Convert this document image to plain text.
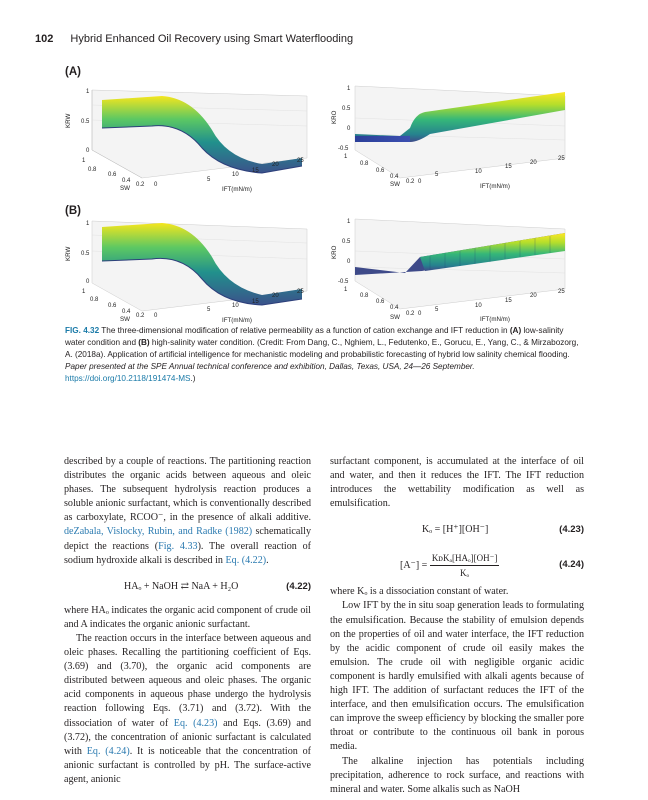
102 Hybrid Enhanced Oil Recovery using Smart Waterflooding
(A)
(B)
1
0.5
0
1
0.8
0.6
0.4
0.2 0
5
10
15
20
25
SW	IFT(mN/m)
KRW
1
0.5
0
-0.5
1
0.8
0.6
0.4
0.2 0
5	10
15
20
25
SW	IFT(mN/m)
KRO
1
0.5
0
1
0.8
0.6
0.4
0.2 0
5
10
15
20
25
SW	IFT(mN/m)
KRW
1
0.5
0
-0.5
1
0.8
0.6
0.4
0.2 0
5
10
15
20
25
SW	IFT(mN/m)
KRO
FIG. 4.32 The three-dimensional modification of relative permeability as a function of cation exchange and IFT reduction in (A) low-salinity water condition and (B) high-salinity water condition. (Credit: From Dang, C., Nghiem, L., Fedutenko, E., Gorucu, E., Yang, C., & Mirzabozorg, A. (2018a). Application of artificial intelligence for mechanistic modeling and probabilistic forecasting of hybrid low salinity chemical flooding. Paper presented at the SPE Annual technical conference and exhibition, Dallas, Texas, USA, 24—26 September.
https://doi.org/10.2118/191474-MS.)

described by a couple of reactions. The partitioning reaction distributes the organic acids between aqueous and oleic phases. The subsequent hydrolysis reaction produces a soluble anionic surfactant, which is conventionally described as carboxylate, RCOO⁻, in the presence of alkali additive. deZabala, Vislocky, Rubin, and Radke (1982) schematically depict the reactions (Fig. 4.33). The overall reaction of sodium hydroxide alkali is described in Eq. (4.22).

HAₒ + NaOH ⇄ NaA + H₂O	(4.22)

where HAₒ indicates the organic acid component of crude oil and A indicates the organic anionic surfactant.

The reaction occurs in the interface between aqueous and oleic phases. Recalling the partitioning coefficient of Eqs. (3.69) and (3.70), the organic acid components are distributed between aqueous and oleic phases. The organic acid components in aqueous phase undergo the hydrolysis reaction following Eqs. (3.71) and (3.72). With the dissociation of water of Eq. (4.23) and Eqs. (3.69) and (3.72), the concentration of anionic surfactant is calculated with Eq. (4.24). It is noticeable that the concentration of anionic surfactant is controlled by pH. The surface-active agent, anionic

surfactant component, is accumulated at the interface of oil and water, and then it reduces the IFT. The IFT reduction introduces the wettability modification as well as emulsification.

Kₒ = [H⁺][OH⁻]	(4.23)
$[A^-] = \frac{\text{KᴅKₐ[HAₒ][OH⁻]}}{\text{Kₒ}}$	(4.24)

where Kₒ is a dissociation constant of water.

Low IFT by the in situ soap generation leads to formulating the emulsification. Because the stability of emulsion depends on the properties of oil and water interface, the IFT reduction by the acidic component of crude oil easily makes the emulsion. The crude oil with negligible organic acidic component is hardly emulsified with alkali agents because of high IFT. The addition of surfactant reduces the IFT of the interface, and then emulsification occurs. The emulsification can improve the sweep efficiency by blocking the smaller pore throat or contribute to the continuous oil bank in porous media.

The alkaline injection has potentials including precipitation, adherence to rock surface, and reactions with mineral and water. Some alkalis such as NaOH
